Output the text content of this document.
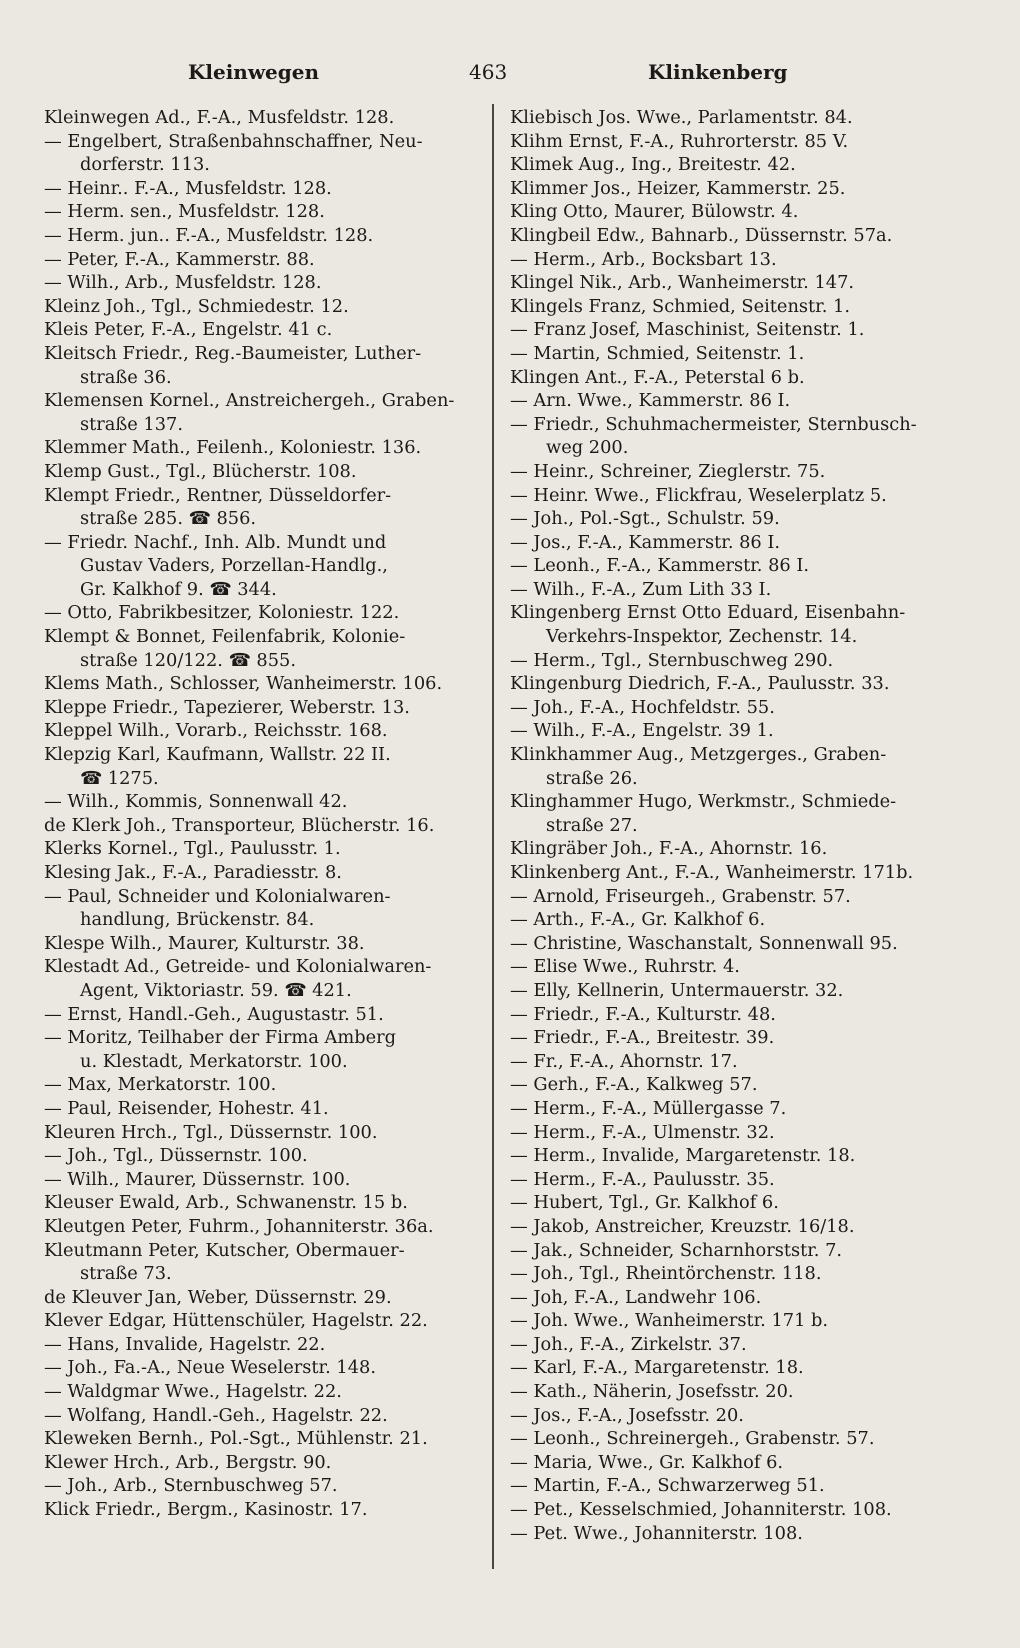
Kleinwegen	463	Klinkenberg
Kleinwegen Ad., F.-A., Musfeldstr. 128.
— Engelbert, Straßenbahnschaffner, Neu-
dorferstr. 113.
— Heinr.. F.-A., Musfeldstr. 128.
— Herm. sen., Musfeldstr. 128.
— Herm. jun.. F.-A., Musfeldstr. 128.
— Peter, F.-A., Kammerstr. 88.
— Wilh., Arb., Musfeldstr. 128.
Kleinz Joh., Tgl., Schmiedestr. 12.
Kleis Peter, F.-A., Engelstr. 41 c.
Kleitsch Friedr., Reg.-Baumeister, Luther-
straße 36.
Klemensen Kornel., Anstreichergeh., Graben-
straße 137.
Klemmer Math., Feilenh., Koloniestr. 136.
Klemp Gust., Tgl., Blücherstr. 108.
Klempt Friedr., Rentner, Düsseldorfer-
straße 285. ☎ 856.
— Friedr. Nachf., Inh. Alb. Mundt und
Gustav Vaders, Porzellan-Handlg.,
Gr. Kalkhof 9. ☎ 344.
— Otto, Fabrikbesitzer, Koloniestr. 122.
Klempt & Bonnet, Feilenfabrik, Kolonie-
straße 120/122. ☎ 855.
Klems Math., Schlosser, Wanheimerstr. 106.
Kleppe Friedr., Tapezierer, Weberstr. 13.
Kleppel Wilh., Vorarb., Reichsstr. 168.
Klepzig Karl, Kaufmann, Wallstr. 22 II.
☎ 1275.
— Wilh., Kommis, Sonnenwall 42.
de Klerk Joh., Transporteur, Blücherstr. 16.
Klerks Kornel., Tgl., Paulusstr. 1.
Klesing Jak., F.-A., Paradiesstr. 8.
— Paul, Schneider und Kolonialwaren-
handlung, Brückenstr. 84.
Klespe Wilh., Maurer, Kulturstr. 38.
Klestadt Ad., Getreide- und Kolonialwaren-
Agent, Viktoriastr. 59. ☎ 421.
— Ernst, Handl.-Geh., Augustastr. 51.
— Moritz, Teilhaber der Firma Amberg
u. Klestadt, Merkatorstr. 100.
— Max, Merkatorstr. 100.
— Paul, Reisender, Hohestr. 41.
Kleuren Hrch., Tgl., Düssernstr. 100.
— Joh., Tgl., Düssernstr. 100.
— Wilh., Maurer, Düssernstr. 100.
Kleuser Ewald, Arb., Schwanenstr. 15 b.
Kleutgen Peter, Fuhrm., Johanniterstr. 36a.
Kleutmann Peter, Kutscher, Obermauer-
straße 73.
de Kleuver Jan, Weber, Düssernstr. 29.
Klever Edgar, Hüttenschüler, Hagelstr. 22.
— Hans, Invalide, Hagelstr. 22.
— Joh., Fa.-A., Neue Weselerstr. 148.
— Waldgmar Wwe., Hagelstr. 22.
— Wolfang, Handl.-Geh., Hagelstr. 22.
Kleweken Bernh., Pol.-Sgt., Mühlenstr. 21.
Klewer Hrch., Arb., Bergstr. 90.
— Joh., Arb., Sternbuschweg 57.
Klick Friedr., Bergm., Kasinostr. 17.
Kliebisch Jos. Wwe., Parlamentstr. 84.
Klihm Ernst, F.-A., Ruhrorterstr. 85 V.
Klimek Aug., Ing., Breitestr. 42.
Klimmer Jos., Heizer, Kammerstr. 25.
Kling Otto, Maurer, Bülowstr. 4.
Klingbeil Edw., Bahnarb., Düssernstr. 57a.
— Herm., Arb., Bocksbart 13.
Klingel Nik., Arb., Wanheimerstr. 147.
Klingels Franz, Schmied, Seitenstr. 1.
— Franz Josef, Maschinist, Seitenstr. 1.
— Martin, Schmied, Seitenstr. 1.
Klingen Ant., F.-A., Peterstal 6 b.
— Arn. Wwe., Kammerstr. 86 I.
— Friedr., Schuhmachermeister, Sternbusch-
weg 200.
— Heinr., Schreiner, Zieglerstr. 75.
— Heinr. Wwe., Flickfrau, Weselerplatz 5.
— Joh., Pol.-Sgt., Schulstr. 59.
— Jos., F.-A., Kammerstr. 86 I.
— Leonh., F.-A., Kammerstr. 86 I.
— Wilh., F.-A., Zum Lith 33 I.
Klingenberg Ernst Otto Eduard, Eisenbahn-
Verkehrs-Inspektor, Zechenstr. 14.
— Herm., Tgl., Sternbuschweg 290.
Klingenburg Diedrich, F.-A., Paulusstr. 33.
— Joh., F.-A., Hochfeldstr. 55.
— Wilh., F.-A., Engelstr. 39 1.
Klinkhammer Aug., Metzgerges., Graben-
straße 26.
Klinghammer Hugo, Werkmstr., Schmiede-
straße 27.
Klingräber Joh., F.-A., Ahornstr. 16.
Klinkenberg Ant., F.-A., Wanheimerstr. 171b.
— Arnold, Friseurgeh., Grabenstr. 57.
— Arth., F.-A., Gr. Kalkhof 6.
— Christine, Waschanstalt, Sonnenwall 95.
— Elise Wwe., Ruhrstr. 4.
— Elly, Kellnerin, Untermauerstr. 32.
— Friedr., F.-A., Kulturstr. 48.
— Friedr., F.-A., Breitestr. 39.
— Fr., F.-A., Ahornstr. 17.
— Gerh., F.-A., Kalkweg 57.
— Herm., F.-A., Müllergasse 7.
— Herm., F.-A., Ulmenstr. 32.
— Herm., Invalide, Margaretenstr. 18.
— Herm., F.-A., Paulusstr. 35.
— Hubert, Tgl., Gr. Kalkhof 6.
— Jakob, Anstreicher, Kreuzstr. 16/18.
— Jak., Schneider, Scharnhorststr. 7.
— Joh., Tgl., Rheintörchenstr. 118.
— Joh, F.-A., Landwehr 106.
— Joh. Wwe., Wanheimerstr. 171 b.
— Joh., F.-A., Zirkelstr. 37.
— Karl, F.-A., Margaretenstr. 18.
— Kath., Näherin, Josefsstr. 20.
— Jos., F.-A., Josefsstr. 20.
— Leonh., Schreinergeh., Grabenstr. 57.
— Maria, Wwe., Gr. Kalkhof 6.
— Martin, F.-A., Schwarzerweg 51.
— Pet., Kesselschmied, Johanniterstr. 108.
— Pet. Wwe., Johanniterstr. 108.
